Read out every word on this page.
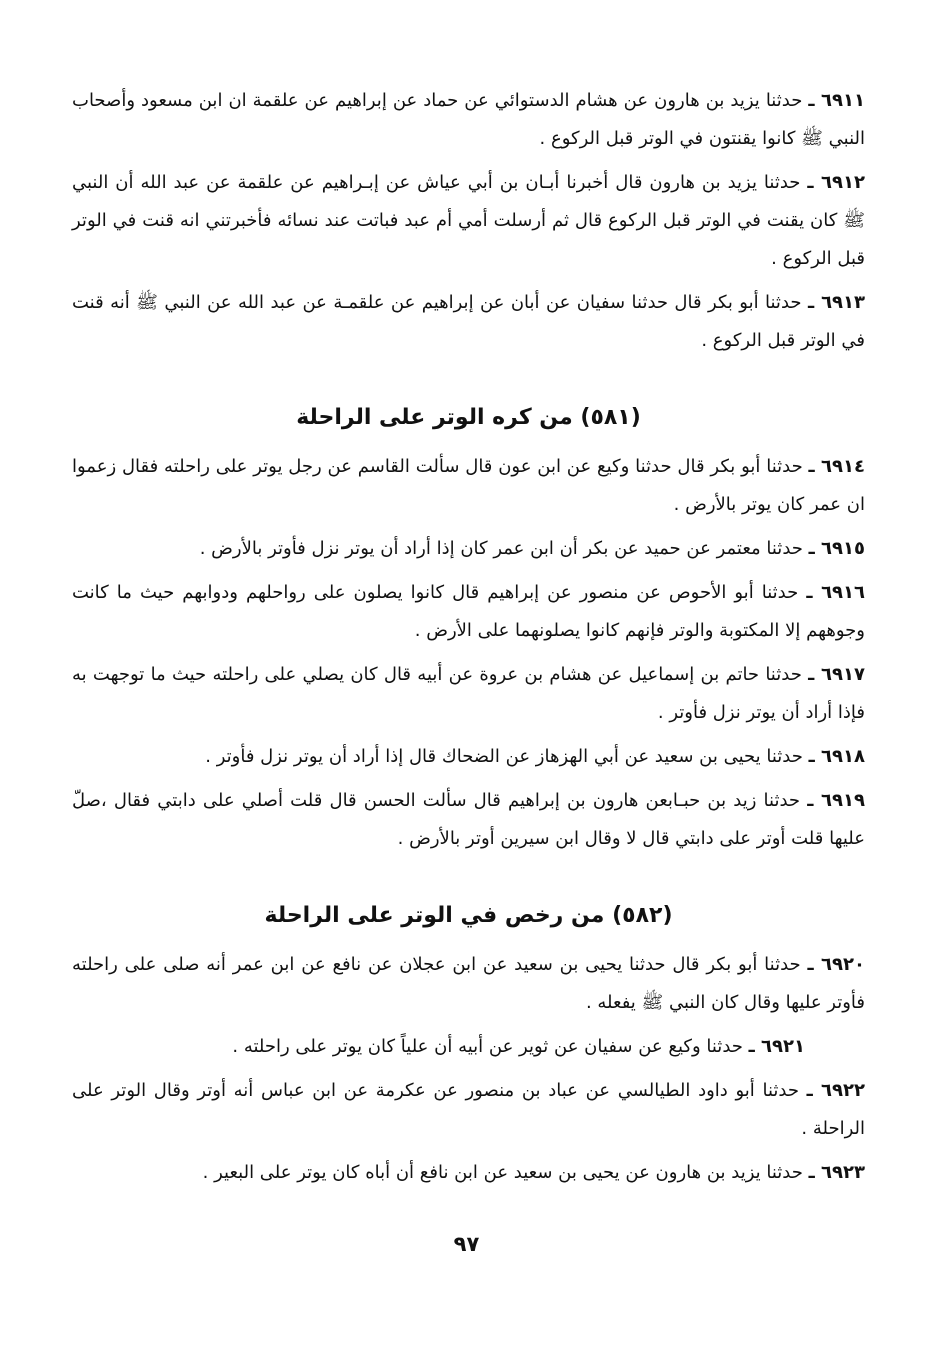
٦٩١١ ـ حدثنا يزيد بن هارون عن هشام الدستوائي عن حماد عن إبراهيم عن علقمة ان ابن مسعود وأصحاب النبي ﷺ كانوا يقنتون في الوتر قبل الركوع .

٦٩١٢ ـ حدثنا يزيد بن هارون قال أخبرنا أبـان بن أبي عياش عن إبـراهيم عن علقمة عن عبد الله أن النبي ﷺ كان يقنت في الوتر قبل الركوع قال ثم أرسلت أمي أم عبد فباتت عند نسائه فأخبرتني انه قنت في الوتر قبل الركوع .

٦٩١٣ ـ حدثنا أبو بكر قال حدثنا سفيان عن أبان عن إبراهيم عن علقمـة عن عبد الله عن النبي ﷺ أنه قنت في الوتر قبل الركوع .

(٥٨١) من كره الوتر على الراحلة

٦٩١٤ ـ حدثنا أبو بكر قال حدثنا وكيع عن ابن عون قال سألت القاسم عن رجل يوتر على راحلته فقال زعموا ان عمر كان يوتر بالأرض .

٦٩١٥ ـ حدثنا معتمر عن حميد عن بكر أن ابن عمر كان إذا أراد أن يوتر نزل فأوتر بالأرض .

٦٩١٦ ـ حدثنا أبو الأحوص عن منصور عن إبراهيم قال كانوا يصلون على رواحلهم ودوابهم حيث ما كانت وجوههم إلا المكتوبة والوتر فإنهم كانوا يصلونهما على الأرض .

٦٩١٧ ـ حدثنا حاتم بن إسماعيل عن هشام بن عروة عن أبيه قال كان يصلي على راحلته حيث ما توجهت به فإذا أراد أن يوتر نزل فأوتر .

٦٩١٨ ـ حدثنا يحيى بن سعيد عن أبي الهزهاز عن الضحاك قال إذا أراد أن يوتر نزل فأوتر .

٦٩١٩ ـ حدثنا زيد بن حبـابعن هارون بن إبراهيم قال سألت الحسن قال قلت أصلي على دابتي فقال ،صلّ عليها قلت أوتر على دابتي قال لا وقال ابن سيرين أوتر بالأرض .

(٥٨٢) من رخص في الوتر على الراحلة

٦٩٢٠ ـ حدثنا أبو بكر قال حدثنا يحيى بن سعيد عن ابن عجلان عن نافع عن ابن عمر أنه صلى على راحلته فأوتر عليها وقال كان النبي ﷺ يفعله .

٦٩٢١ ـ حدثنا وكيع عن سفيان عن ثوير عن أبيه أن علياً كان يوتر على راحلته .

٦٩٢٢ ـ حدثنا أبو داود الطيالسي عن عباد بن منصور عن عكرمة عن ابن عباس أنه أوتر وقال الوتر على الراحلة .

٦٩٢٣ ـ حدثنا يزيد بن هارون عن يحيى بن سعيد عن ابن نافع أن أباه كان يوتر على البعير .

٩٧
